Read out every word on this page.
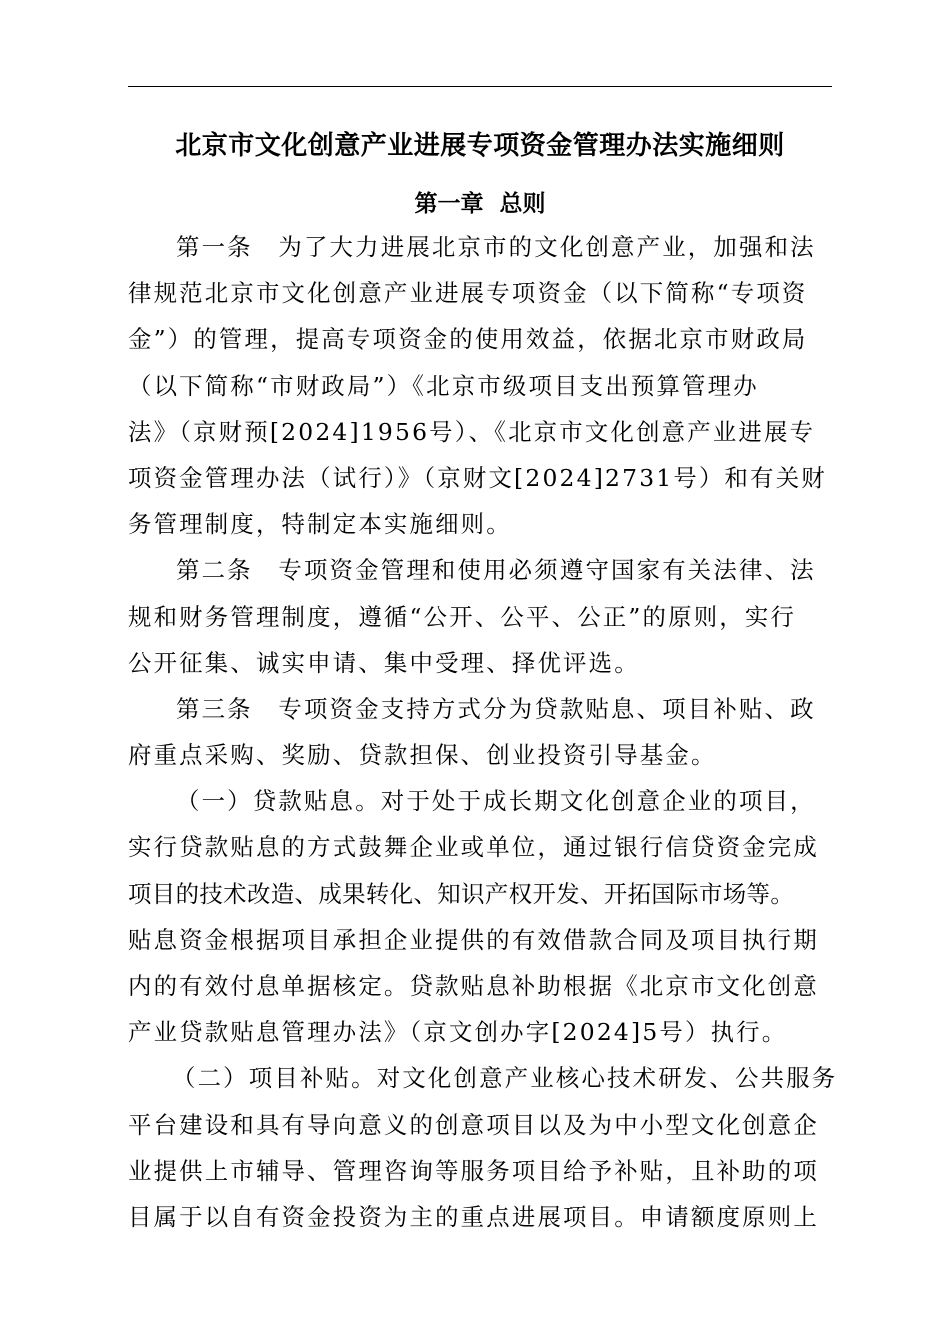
北京市文化创意产业进展专项资金管理办法实施细则
第一章 总则
第一条　为了大力进展北京市的文化创意产业，加强和法
律规范北京市文化创意产业进展专项资金（以下简称“专项资
金”）的管理，提高专项资金的使用效益，依据北京市财政局
（以下简称“市财政局”）《北京市级项目支出预算管理办
法》（京财预[2024]1956号）、《北京市文化创意产业进展专
项资金管理办法（试行）》（京财文[2024]2731号）和有关财
务管理制度，特制定本实施细则。
第二条　专项资金管理和使用必须遵守国家有关法律、法
规和财务管理制度，遵循“公开、公平、公正”的原则，实行
公开征集、诚实申请、集中受理、择优评选。
第三条　专项资金支持方式分为贷款贴息、项目补贴、政
府重点采购、奖励、贷款担保、创业投资引导基金。
（一）贷款贴息。对于处于成长期文化创意企业的项目，
实行贷款贴息的方式鼓舞企业或单位，通过银行信贷资金完成
项目的技术改造、成果转化、知识产权开发、开拓国际市场等。
贴息资金根据项目承担企业提供的有效借款合同及项目执行期
内的有效付息单据核定。贷款贴息补助根据《北京市文化创意
产业贷款贴息管理办法》（京文创办字[2024]5号）执行。
（二）项目补贴。对文化创意产业核心技术研发、公共服务
平台建设和具有导向意义的创意项目以及为中小型文化创意企
业提供上市辅导、管理咨询等服务项目给予补贴，且补助的项
目属于以自有资金投资为主的重点进展项目。申请额度原则上
